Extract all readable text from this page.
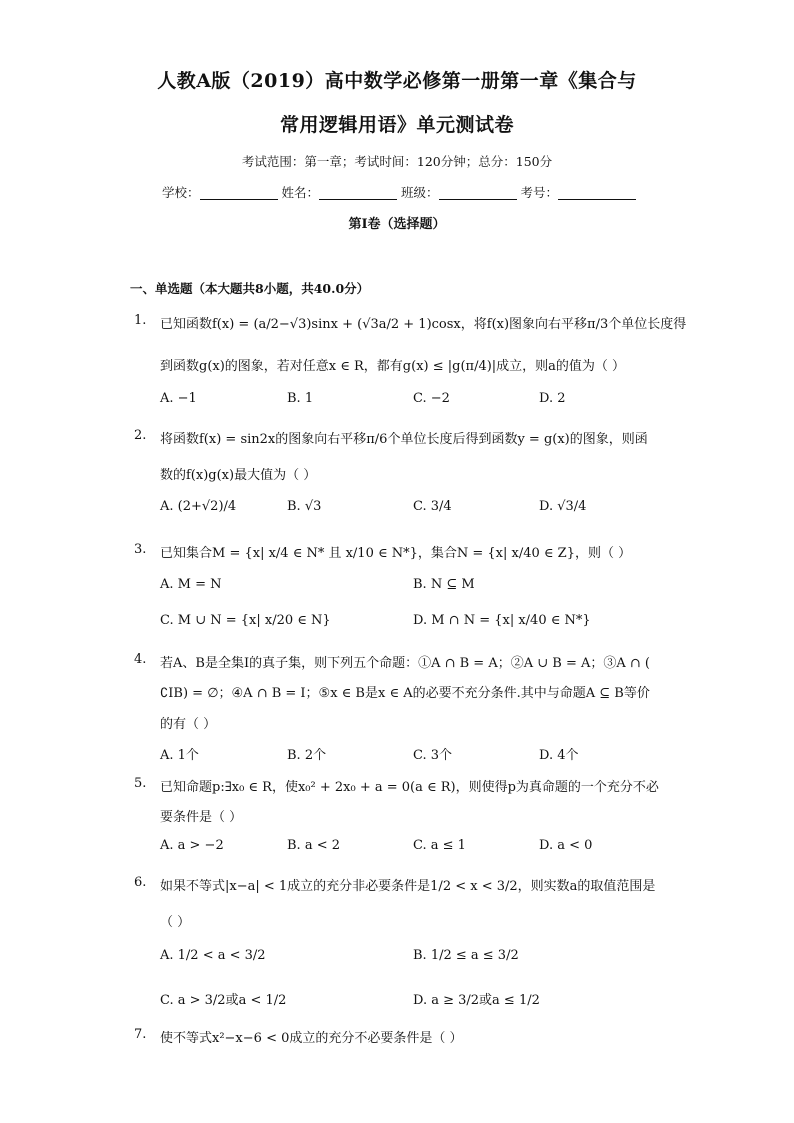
人教A版（2019）高中数学必修第一册第一章《集合与
常用逻辑用语》单元测试卷
考试范围：第一章；考试时间：120分钟；总分：150分
学校：	姓名：	班级：	考号：
第I卷（选择题）
一、单选题（本大题共8小题，共40.0分）
1. 已知函数f(x) = (a/2−√3)sinx + (√3a/2 + 1)cosx，将f(x)图象向右平移π/3个单位长度得
到函数g(x)的图象，若对任意x ∈ R，都有g(x) ≤ |g(π/4)|成立，则a的值为（ ）
A. −1	B. 1	C. −2	D. 2
2. 将函数f(x) = sin2x的图象向右平移π/6个单位长度后得到函数y = g(x)的图象，则函
数的f(x)g(x)最大值为（ ）
A. (2+√2)/4	B. √3	C. 3/4	D. √3/4
3. 已知集合M = {x| x/4 ∈ N* 且 x/10 ∈ N*}，集合N = {x| x/40 ∈ Z}，则（ ）
A. M = N	B. N ⊆ M
C. M ∪ N = {x| x/20 ∈ N}	D. M ∩ N = {x| x/40 ∈ N*}
4. 若A、B是全集I的真子集，则下列五个命题：①A ∩ B = A；②A ∪ B = A；③A ∩ (
∁IB) = ∅；④A ∩ B = I；⑤x ∈ B是x ∈ A的必要不充分条件.其中与命题A ⊆ B等价
的有（ ）
A. 1个	B. 2个	C. 3个	D. 4个
5. 已知命题p:∃x₀ ∈ R，使x₀² + 2x₀ + a = 0(a ∈ R)，则使得p为真命题的一个充分不必
要条件是（ ）
A. a > −2	B. a < 2	C. a ≤ 1	D. a < 0
6. 如果不等式|x−a| < 1成立的充分非必要条件是1/2 < x < 3/2，则实数a的取值范围是
（ ）
A. 1/2 < a < 3/2	B. 1/2 ≤ a ≤ 3/2
C. a > 3/2或a < 1/2	D. a ≥ 3/2或a ≤ 1/2
7. 使不等式x²−x−6 < 0成立的充分不必要条件是（ ）
